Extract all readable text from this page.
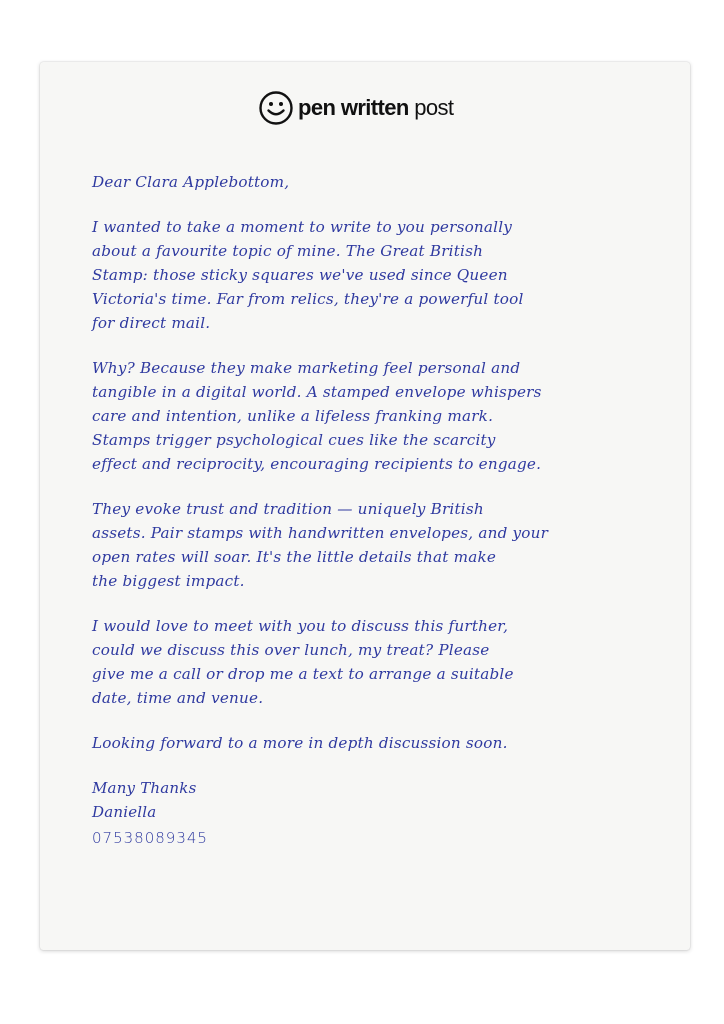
pen written post
Dear Clara Applebottom,
I wanted to take a moment to write to you personally
about a favourite topic of mine. The Great British
Stamp: those sticky squares we've used since Queen
Victoria's time. Far from relics, they're a powerful tool
for direct mail.
Why? Because they make marketing feel personal and
tangible in a digital world. A stamped envelope whispers
care and intention, unlike a lifeless franking mark.
Stamps trigger psychological cues like the scarcity
effect and reciprocity, encouraging recipients to engage.
They evoke trust and tradition — uniquely British
assets. Pair stamps with handwritten envelopes, and your
open rates will soar. It's the little details that make
the biggest impact.
I would love to meet with you to discuss this further,
could we discuss this over lunch, my treat? Please
give me a call or drop me a text to arrange a suitable
date, time and venue.
Looking forward to a more in depth discussion soon.
Many Thanks
Daniella
07538089345
